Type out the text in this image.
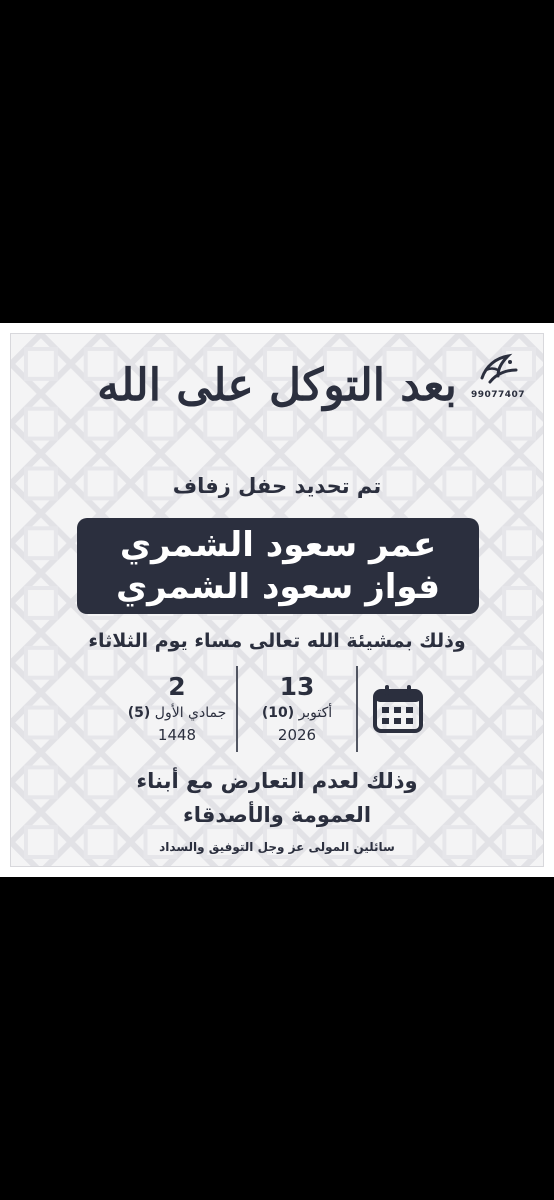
99077407
بعد التوكل على الله
تم تحديد حفل زفاف
عمر سعود الشمري
فواز سعود الشمري
وذلك بمشيئة الله تعالى مساء يوم الثلاثاء
13
أكتوبر (10)
2026
2
جمادي الأول (5)
1448
وذلك لعدم التعارض مع أبناء
العمومة والأصدقاء
سائلين المولى عز وجل التوفيق والسداد
